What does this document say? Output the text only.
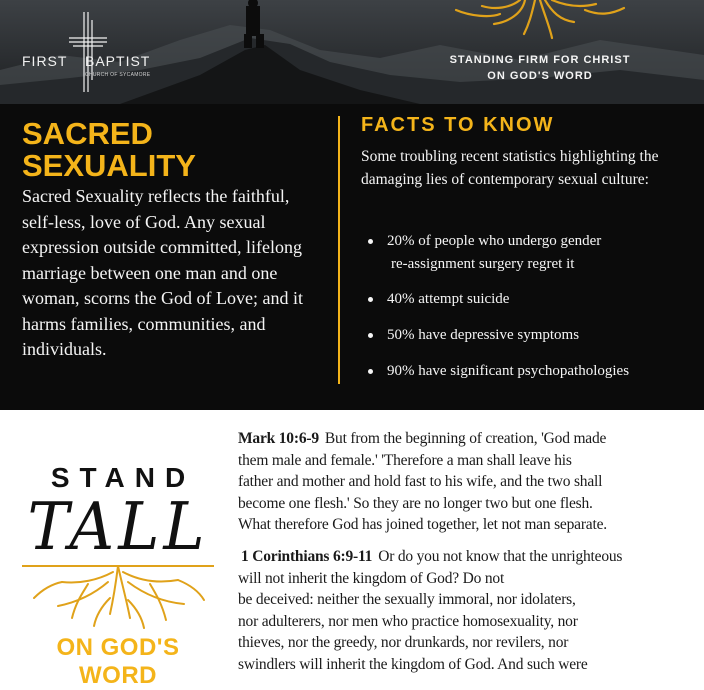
FIRST BAPTIST
CHURCH OF SYCAMORE
STANDING FIRM FOR CHRIST
ON GOD'S WORD
SACRED
SEXUALITY

Sacred Sexuality reflects the faithful, self-less, love of God. Any sexual expression outside committed, lifelong marriage between one man and one woman, scorns the God of Love; and it harms families, communities, and individuals.

FACTS TO KNOW

Some troubling recent statistics highlighting the damaging lies of contemporary sexual culture:

20% of people who undergo gender
re-assignment surgery regret it
40% attempt suicide
50% have depressive symptoms
90% have significant psychopathologies
STAND
TALL
ON GOD'S
WORD
Mark 10:6-9 But from the beginning of creation, 'God made
them male and female.' 'Therefore a man shall leave his
father and mother and hold fast to his wife, and the two shall
become one flesh.' So they are no longer two but one flesh.
What therefore God has joined together, let not man separate.
1 Corinthians 6:9-11 Or do you not know that the unrighteous
will not inherit the kingdom of God? Do not
be deceived: neither the sexually immoral, nor idolaters,
nor adulterers, nor men who practice homosexuality, nor
thieves, nor the greedy, nor drunkards, nor revilers, nor
swindlers will inherit the kingdom of God. And such were
